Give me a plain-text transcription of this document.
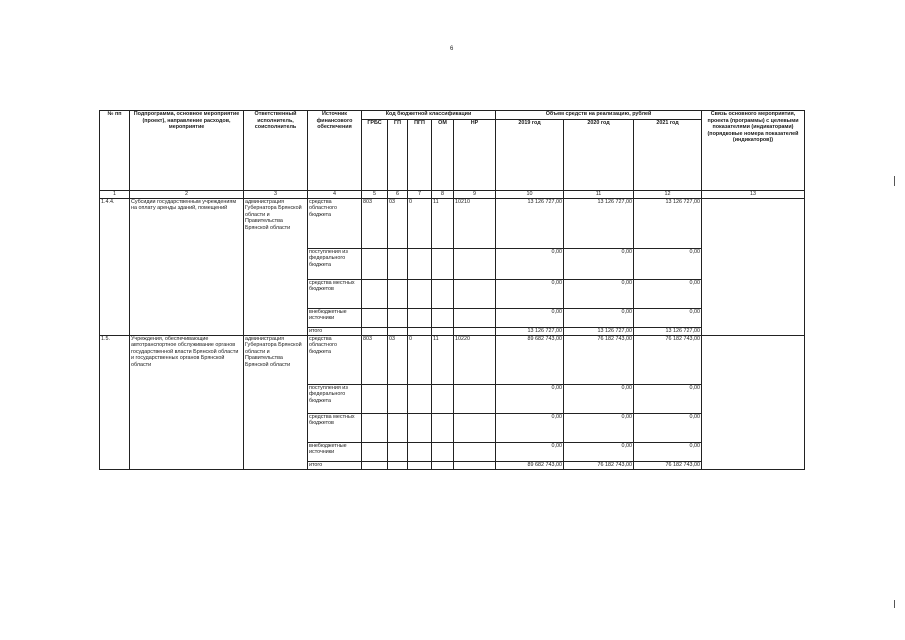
6
№ пп	Подпрограмма, основное мероприятие (проект), направление расходов, мероприятие	Ответственный исполнитель, соисполнитель	Источник финансового обеспечения	Код бюджетной классификации					Объем средств на реализацию, рублей			Связь основного мероприятия, проекта (программы) с целевыми показателями (индикаторами) (порядковые номера показателей (индикаторов))
				ГРБС	ГП	ПГП	ОМ	НР	2019 год	2020 год	2021 год	
1	2	3	4	5	6	7	8	9	10	11	12	13
1.4.4.	Субсидии государственным учреждениям на оплату аренды зданий, помещений	администрация Губернатора Брянской области и Правительства Брянской области	средства областного бюджета	803	03	0	11	10210	13 126 727,00	13 126 727,00	13 126 727,00	
			поступления из федерального бюджета						0,00	0,00	0,00	
			средства местных бюджетов						0,00	0,00	0,00	
			внебюджетные источники						0,00	0,00	0,00	
			итого						13 126 727,00	13 126 727,00	13 126 727,00	
1.5.	Учреждения, обеспечивающие автотранспортное обслуживание органов государственной власти Брянской области и государственных органов Брянской области	администрация Губернатора Брянской области и Правительства Брянской области	средства областного бюджета	803	03	0	11	10220	89 682 743,00	76 182 743,00	76 182 743,00	
			поступления из федерального бюджета						0,00	0,00	0,00	
			средства местных бюджетов						0,00	0,00	0,00	
			внебюджетные источники						0,00	0,00	0,00	
			итого						89 682 743,00	76 182 743,00	76 182 743,00	
